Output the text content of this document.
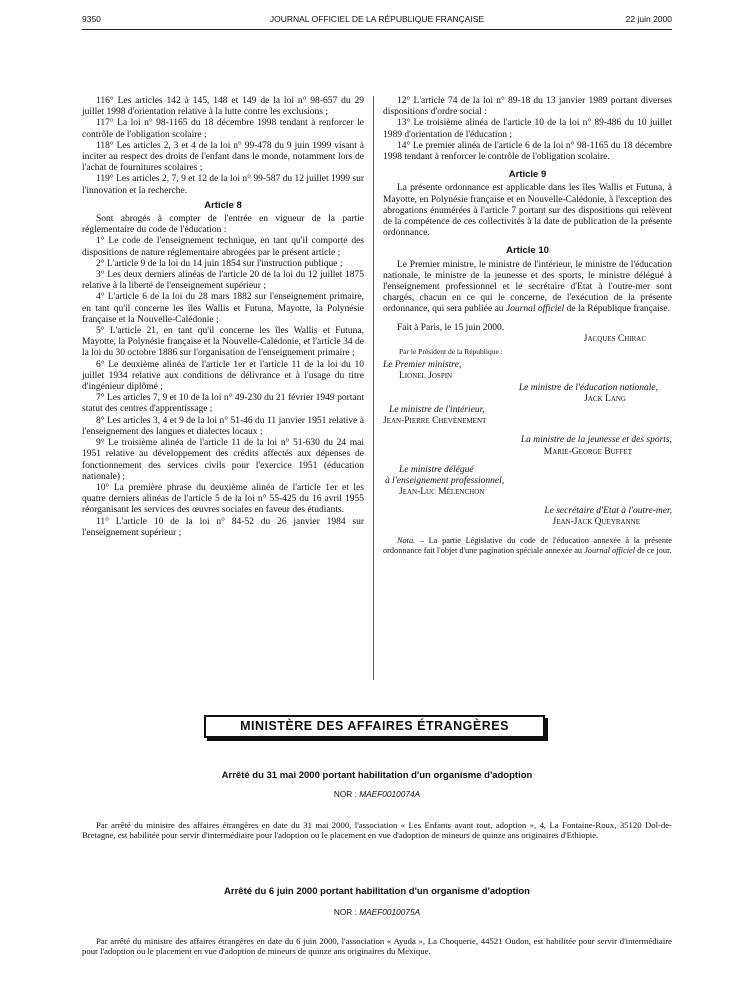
9350	JOURNAL OFFICIEL DE LA RÉPUBLIQUE FRANÇAISE	22 juin 2000

116° Les articles 142 à 145, 148 et 149 de la loi n° 98-657 du 29 juillet 1998 d'orientation relative à la lutte contre les exclusions ;

117° La loi n° 98-1165 du 18 décembre 1998 tendant à renforcer le contrôle de l'obligation scolaire ;

118° Les articles 2, 3 et 4 de la loi n° 99-478 du 9 juin 1999 visant à inciter au respect des droits de l'enfant dans le monde, notamment lors de l'achat de fournitures scolaires ;

119° Les articles 2, 7, 9 et 12 de la loi n° 99-587 du 12 juillet 1999 sur l'innovation et la recherche.

Article 8

Sont abrogés à compter de l'entrée en vigueur de la partie réglementaire du code de l'éducation :

1° Le code de l'enseignement technique, en tant qu'il comporte des dispositions de nature réglementaire abrogées par le présent article ;

2° L'article 9 de la loi du 14 juin 1854 sur l'instruction publique ;

3° Les deux derniers alinéas de l'article 20 de la loi du 12 juillet 1875 relative à la liberté de l'enseignement supérieur ;

4° L'article 6 de la loi du 28 mars 1882 sur l'enseignement primaire, en tant qu'il concerne les îles Wallis et Futuna, Mayotte, la Polynésie française et la Nouvelle-Calédonie ;

5° L'article 21, en tant qu'il concerne les îles Wallis et Futuna, Mayotte, la Polynésie française et la Nouvelle-Calédonie, et l'article 34 de la loi du 30 octobre 1886 sur l'organisation de l'enseignement primaire ;

6° Le deuxième alinéa de l'article 1er et l'article 11 de la loi du 10 juillet 1934 relative aux conditions de délivrance et à l'usage du titre d'ingénieur diplômé ;

7° Les articles 7, 9 et 10 de la loi n° 49-230 du 21 février 1949 portant statut des centres d'apprentissage ;

8° Les articles 3, 4 et 9 de la loi n° 51-46 du 11 janvier 1951 relative à l'enseignement des langues et dialectes locaux ;

9° Le troisième alinéa de l'article 11 de la loi n° 51-630 du 24 mai 1951 relative au développement des crédits affectés aux dépenses de fonctionnement des services civils pour l'exercice 1951 (éducation nationale) ;

10° La première phrase du deuxième alinéa de l'article 1er et les quatre derniers alinéas de l'article 5 de la loi n° 55-425 du 16 avril 1955 réorganisant les services des œuvres sociales en faveur des étudiants.

11° L'article 10 de la loi n° 84-52 du 26 janvier 1984 sur l'enseignement supérieur ;

12° L'article 74 de la loi n° 89-18 du 13 janvier 1989 portant diverses dispositions d'ordre social :

13° Le troisième alinéa de l'article 10 de la loi n° 89-486 du 10 juillet 1989 d'orientation de l'éducation ;

14° Le premier alinéa de l'article 6 de la loi n° 98-1165 du 18 décembre 1998 tendant à renforcer le contrôle de l'obligation scolaire.

Article 9

La présente ordonnance est applicable dans les îles Wallis et Futuna, à Mayotte, en Polynésie française et en Nouvelle-Calédonie, à l'exception des abrogations énumérées à l'article 7 portant sur des dispositions qui relèvent de la compétence de ces collectivités à la date de publication de la présente ordonnance.

Article 10

Le Premier ministre, le ministre de l'intérieur, le ministre de l'éducation nationale, le ministre de la jeunesse et des sports, le ministre délégué à l'enseignement professionnel et le secrétaire d'Etat à l'outre-mer sont chargés, chacun en ce qui le concerne, de l'exécution de la présente ordonnance, qui sera publiée au Journal officiel de la République française.

Fait à Paris, le 15 juin 2000.

Jacques Chirac

Par le Président de la République :

Le Premier ministre,

Lionel Jospin

Le ministre de l'éducation nationale,

Jack Lang

Le ministre de l'intérieur,

Jean-Pierre Chevènement

La ministre de la jeunesse et des sports,

Marie-George Buffet

Le ministre délégué

à l'enseignement professionnel,

Jean-Luc Mélenchon

Le secrétaire d'Etat à l'outre-mer,

Jean-Jack Queyranne

Nota. – La partie Législative du code de l'éducation annexée à la présente ordonnance fait l'objet d'une pagination spéciale annexée au Journal officiel de ce jour.

MINISTÈRE DES AFFAIRES ÉTRANGÈRES
Arrêté du 31 mai 2000 portant habilitation d'un organisme d'adoption
NOR : MAEF0010074A
Par arrêté du ministre des affaires étrangères en date du 31 mai 2000, l'association « Les Enfants avant tout, adoption », 4, La Fontaine-Roux, 35120 Dol-de-Bretagne, est habilitée pour servir d'intermédiaire pour l'adoption ou le placement en vue d'adoption de mineurs de quinze ans originaires d'Ethiopie.
Arrêté du 6 juin 2000 portant habilitation d'un organisme d'adoption
NOR : MAEF0010075A
Par arrêté du ministre des affaires étrangères en date du 6 juin 2000, l'association « Ayuda », La Choquerie, 44521 Oudon, est habilitée pour servir d'intermédiaire pour l'adoption ou le placement en vue d'adoption de mineurs de quinze ans originaires du Mexique.
